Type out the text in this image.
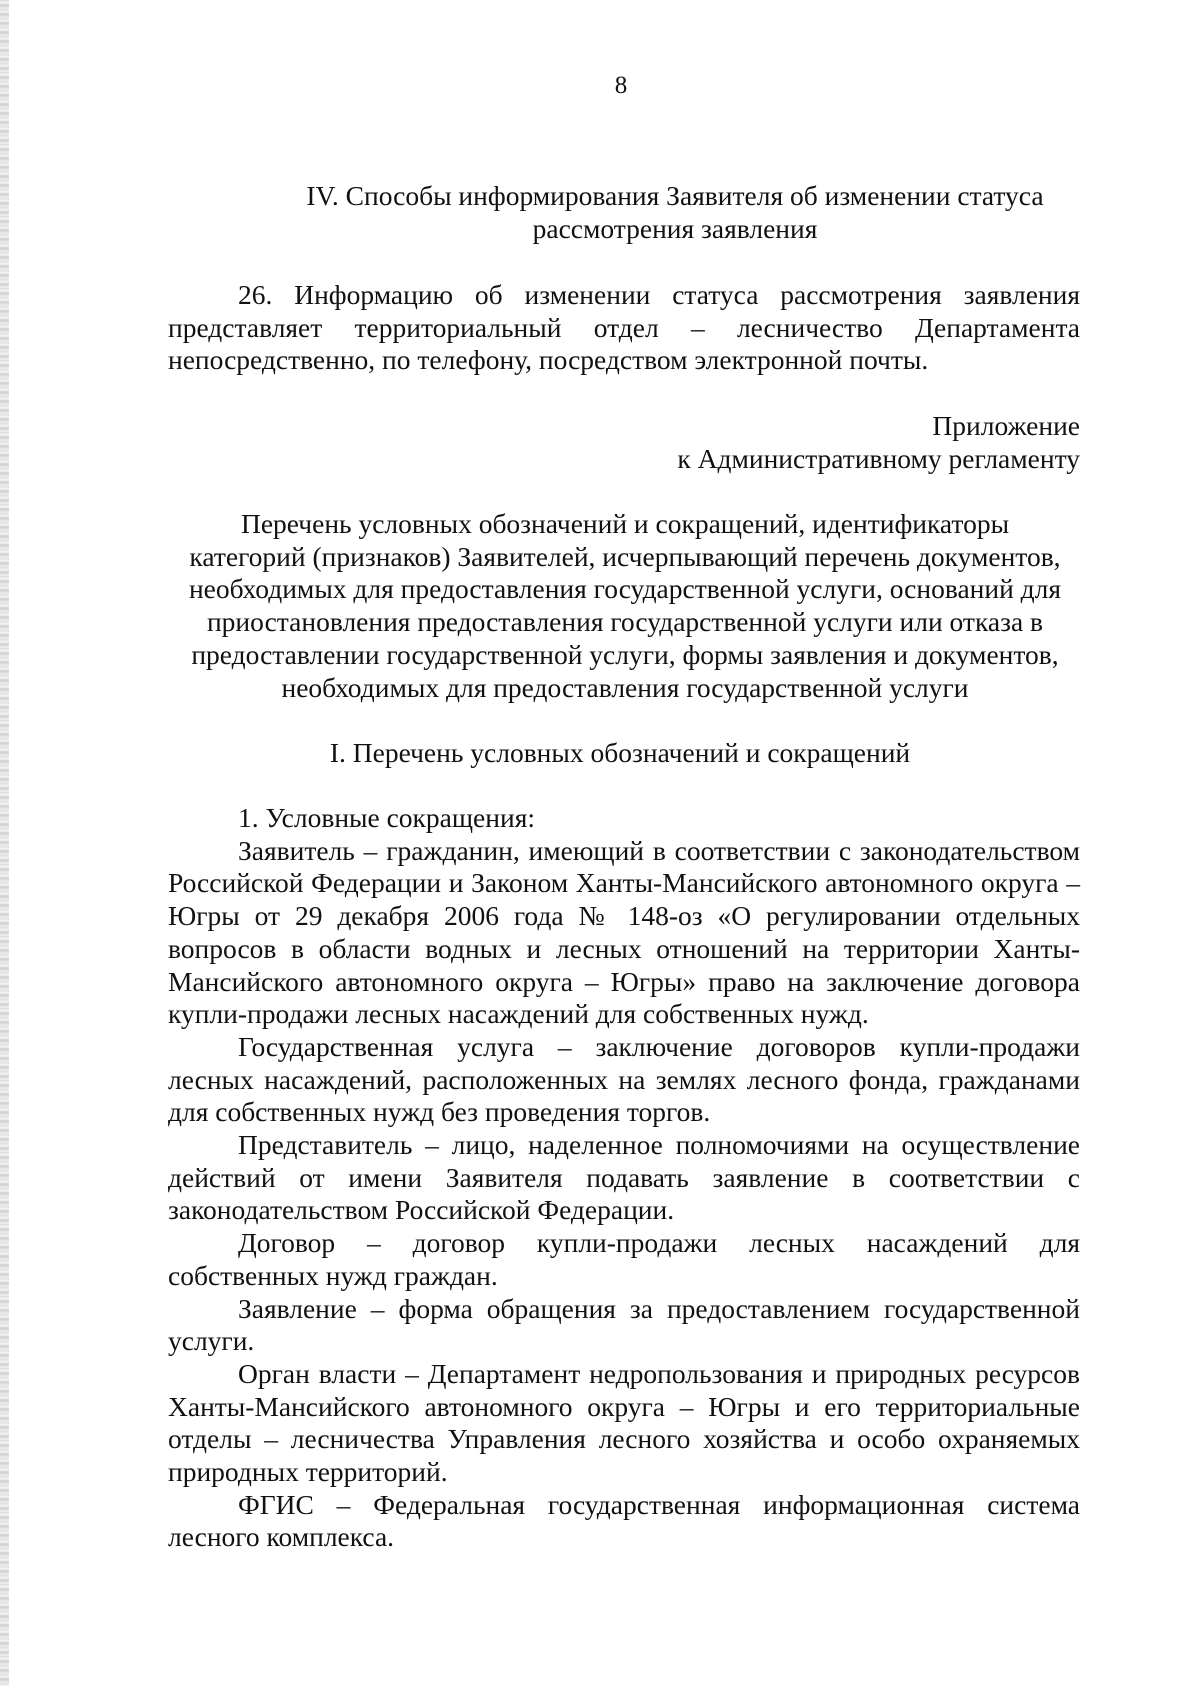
8
IV. Способы информирования Заявителя об изменении статуса
рассмотрения заявления
26. Информацию об изменении статуса рассмотрения заявления представляет территориальный отдел – лесничество Департамента непосредственно, по телефону, посредством электронной почты.
Приложение
к Административному регламенту
Перечень условных обозначений и сокращений, идентификаторы
категорий (признаков) Заявителей, исчерпывающий перечень документов,
необходимых для предоставления государственной услуги, оснований для
приостановления предоставления государственной услуги или отказа в
предоставлении государственной услуги, формы заявления и документов,
необходимых для предоставления государственной услуги
I. Перечень условных обозначений и сокращений

1. Условные сокращения:

Заявитель – гражданин, имеющий в соответствии с законодательством Российской Федерации и Законом Ханты-Мансийского автономного округа – Югры от 29 декабря 2006 года № 148-оз «О регулировании отдельных вопросов в области водных и лесных отношений на территории Ханты-Мансийского автономного округа – Югры» право на заключение договора купли-продажи лесных насаждений для собственных нужд.

Государственная услуга – заключение договоров купли-продажи лесных насаждений, расположенных на землях лесного фонда, гражданами для собственных нужд без проведения торгов.

Представитель – лицо, наделенное полномочиями на осуществление действий от имени Заявителя подавать заявление в соответствии с законодательством Российской Федерации.

Договор – договор купли-продажи лесных насаждений для собственных нужд граждан.

Заявление – форма обращения за предоставлением государственной услуги.

Орган власти – Департамент недропользования и природных ресурсов Ханты-Мансийского автономного округа – Югры и его территориальные отделы – лесничества Управления лесного хозяйства и особо охраняемых природных территорий.

ФГИС – Федеральная государственная информационная система лесного комплекса.
